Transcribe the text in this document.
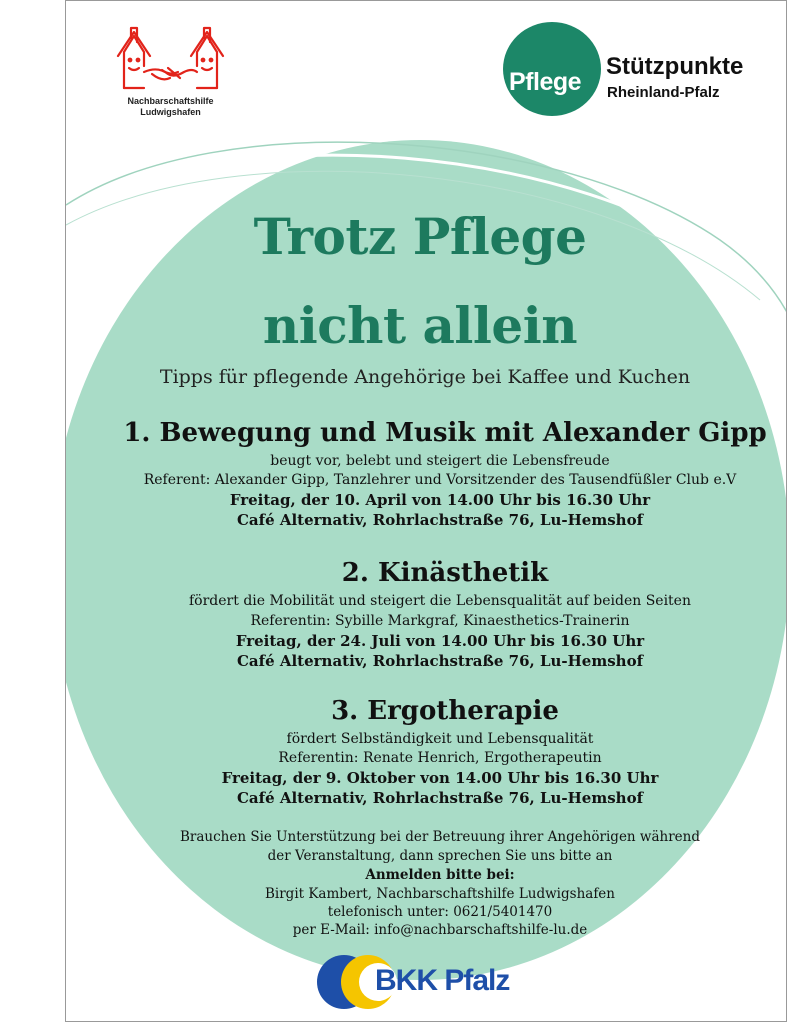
Nachbarschaftshilfe
Ludwigshafen
Pflege
Stützpunkte
Rheinland-Pfalz
Trotz Pflege
nicht allein
Tipps für pflegende Angehörige bei Kaffee und Kuchen
1. Bewegung und Musik mit Alexander Gipp
beugt vor, belebt und steigert die Lebensfreude
Referent: Alexander Gipp, Tanzlehrer und Vorsitzender des Tausendfüßler Club e.V
Freitag, der 10. April von 14.00 Uhr bis 16.30 Uhr
Café Alternativ, Rohrlachstraße 76, Lu-Hemshof
2. Kinästhetik
fördert die Mobilität und steigert die Lebensqualität auf beiden Seiten
Referentin: Sybille Markgraf, Kinaesthetics-Trainerin
Freitag, der 24. Juli von 14.00 Uhr bis 16.30 Uhr
Café Alternativ, Rohrlachstraße 76, Lu-Hemshof
3. Ergotherapie
fördert Selbständigkeit und Lebensqualität
Referentin: Renate Henrich, Ergotherapeutin
Freitag, der 9. Oktober von 14.00 Uhr bis 16.30 Uhr
Café Alternativ, Rohrlachstraße 76, Lu-Hemshof
Brauchen Sie Unterstützung bei der Betreuung ihrer Angehörigen während
der Veranstaltung, dann sprechen Sie uns bitte an
Anmelden bitte bei:
Birgit Kambert, Nachbarschaftshilfe Ludwigshafen
telefonisch unter: 0621/5401470
per E-Mail: info@nachbarschaftshilfe-lu.de
BKK Pfalz
